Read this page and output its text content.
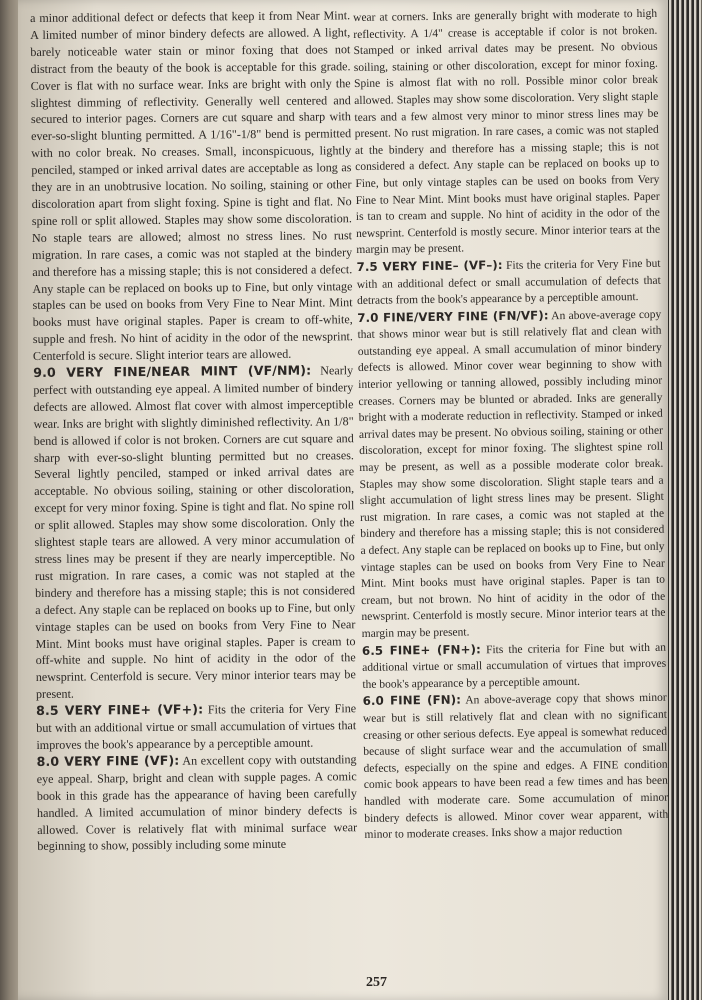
a minor additional defect or defects that keep it from Near Mint. A limited number of minor bindery defects are allowed. A light, barely noticeable water stain or minor foxing that does not distract from the beauty of the book is acceptable for this grade. Cover is flat with no surface wear. Inks are bright with only the slightest dimming of reflectivity. Generally well centered and secured to interior pages. Corners are cut square and sharp with ever-so-slight blunting permitted. A 1/16"-1/8" bend is permitted with no color break. No creases. Small, inconspicuous, lightly penciled, stamped or inked arrival dates are acceptable as long as they are in an unobtrusive location. No soiling, staining or other discoloration apart from slight foxing. Spine is tight and flat. No spine roll or split allowed. Staples may show some discoloration. No staple tears are allowed; almost no stress lines. No rust migration. In rare cases, a comic was not stapled at the bindery and therefore has a missing staple; this is not considered a defect. Any staple can be replaced on books up to Fine, but only vintage staples can be used on books from Very Fine to Near Mint. Mint books must have original staples. Paper is cream to off-white, supple and fresh. No hint of acidity in the odor of the newsprint. Centerfold is secure. Slight interior tears are allowed.

9.0 VERY FINE/NEAR MINT (VF/NM): Nearly perfect with outstanding eye appeal. A limited number of bindery defects are allowed. Almost flat cover with almost imperceptible wear. Inks are bright with slightly diminished reflectivity. An 1/8" bend is allowed if color is not broken. Corners are cut square and sharp with ever-so-slight blunting permitted but no creases. Several lightly penciled, stamped or inked arrival dates are acceptable. No obvious soiling, staining or other discoloration, except for very minor foxing. Spine is tight and flat. No spine roll or split allowed. Staples may show some discoloration. Only the slightest staple tears are allowed. A very minor accumulation of stress lines may be present if they are nearly imperceptible. No rust migration. In rare cases, a comic was not stapled at the bindery and therefore has a missing staple; this is not considered a defect. Any staple can be replaced on books up to Fine, but only vintage staples can be used on books from Very Fine to Near Mint. Mint books must have original staples. Paper is cream to off-white and supple. No hint of acidity in the odor of the newsprint. Centerfold is secure. Very minor interior tears may be present.

8.5 VERY FINE+ (VF+): Fits the criteria for Very Fine but with an additional virtue or small accumulation of virtues that improves the book's appearance by a perceptible amount.

8.0 VERY FINE (VF): An excellent copy with outstanding eye appeal. Sharp, bright and clean with supple pages. A comic book in this grade has the appearance of having been carefully handled. A limited accumulation of minor bindery defects is allowed. Cover is relatively flat with minimal surface wear beginning to show, possibly including some minute

wear at corners. Inks are generally bright with moderate to high reflectivity. A 1/4" crease is acceptable if color is not broken. Stamped or inked arrival dates may be present. No obvious soiling, staining or other discoloration, except for minor foxing. Spine is almost flat with no roll. Possible minor color break allowed. Staples may show some discoloration. Very slight staple tears and a few almost very minor to minor stress lines may be present. No rust migration. In rare cases, a comic was not stapled at the bindery and therefore has a missing staple; this is not considered a defect. Any staple can be replaced on books up to Fine, but only vintage staples can be used on books from Very Fine to Near Mint. Mint books must have original staples. Paper is tan to cream and supple. No hint of acidity in the odor of the newsprint. Centerfold is mostly secure. Minor interior tears at the margin may be present.

7.5 VERY FINE– (VF–): Fits the criteria for Very Fine but with an additional defect or small accumulation of defects that detracts from the book's appearance by a perceptible amount.

7.0 FINE/VERY FINE (FN/VF): An above-average copy that shows minor wear but is still relatively flat and clean with outstanding eye appeal. A small accumulation of minor bindery defects is allowed. Minor cover wear beginning to show with interior yellowing or tanning allowed, possibly including minor creases. Corners may be blunted or abraded. Inks are generally bright with a moderate reduction in reflectivity. Stamped or inked arrival dates may be present. No obvious soiling, staining or other discoloration, except for minor foxing. The slightest spine roll may be present, as well as a possible moderate color break. Staples may show some discoloration. Slight staple tears and a slight accumulation of light stress lines may be present. Slight rust migration. In rare cases, a comic was not stapled at the bindery and therefore has a missing staple; this is not considered a defect. Any staple can be replaced on books up to Fine, but only vintage staples can be used on books from Very Fine to Near Mint. Mint books must have original staples. Paper is tan to cream, but not brown. No hint of acidity in the odor of the newsprint. Centerfold is mostly secure. Minor interior tears at the margin may be present.

6.5 FINE+ (FN+): Fits the criteria for Fine but with an additional virtue or small accumulation of virtues that improves the book's appearance by a perceptible amount.

6.0 FINE (FN): An above-average copy that shows minor wear but is still relatively flat and clean with no significant creasing or other serious defects. Eye appeal is somewhat reduced because of slight surface wear and the accumulation of small defects, especially on the spine and edges. A FINE condition comic book appears to have been read a few times and has been handled with moderate care. Some accumulation of minor bindery defects is allowed. Minor cover wear apparent, with minor to moderate creases. Inks show a major reduction

257
